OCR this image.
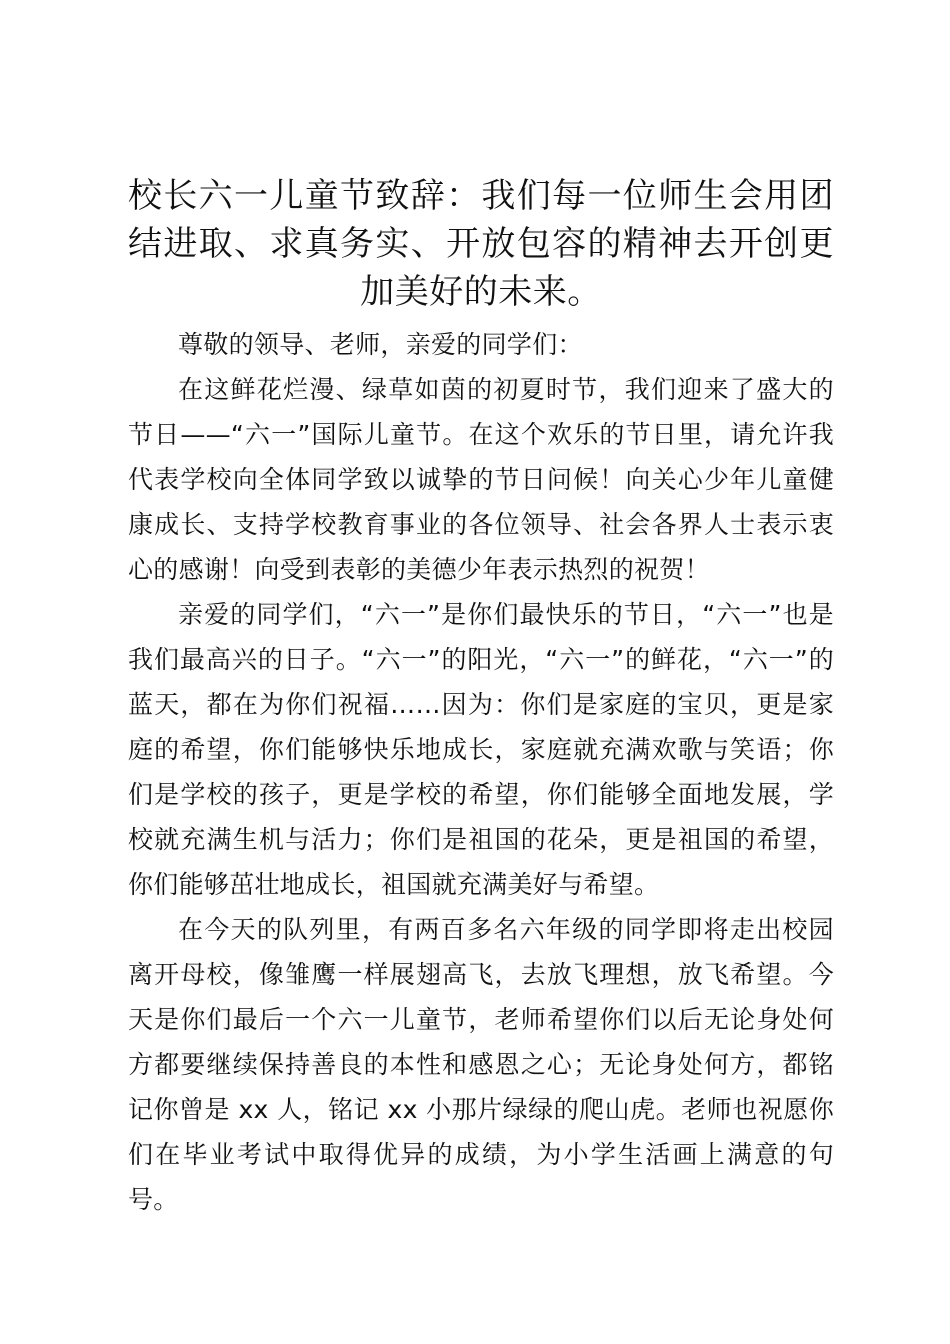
校长六一儿童节致辞：我们每一位师生会用团结进取、求真务实、开放包容的精神去开创更加美好的未来。

尊敬的领导、老师，亲爱的同学们：

在这鲜花烂漫、绿草如茵的初夏时节，我们迎来了盛大的节日——“六一”国际儿童节。在这个欢乐的节日里，请允许我代表学校向全体同学致以诚挚的节日问候！向关心少年儿童健康成长、支持学校教育事业的各位领导、社会各界人士表示衷心的感谢！向受到表彰的美德少年表示热烈的祝贺！

亲爱的同学们，“六一”是你们最快乐的节日，“六一”也是我们最高兴的日子。“六一”的阳光，“六一”的鲜花，“六一”的蓝天，都在为你们祝福……因为：你们是家庭的宝贝，更是家庭的希望，你们能够快乐地成长，家庭就充满欢歌与笑语；你们是学校的孩子，更是学校的希望，你们能够全面地发展，学校就充满生机与活力；你们是祖国的花朵，更是祖国的希望，你们能够茁壮地成长，祖国就充满美好与希望。

在今天的队列里，有两百多名六年级的同学即将走出校园离开母校，像雏鹰一样展翅高飞，去放飞理想，放飞希望。今天是你们最后一个六一儿童节，老师希望你们以后无论身处何方都要继续保持善良的本性和感恩之心；无论身处何方，都铭记你曾是 xx 人，铭记 xx 小那片绿绿的爬山虎。老师也祝愿你们在毕业考试中取得优异的成绩，为小学生活画上满意的句号。
